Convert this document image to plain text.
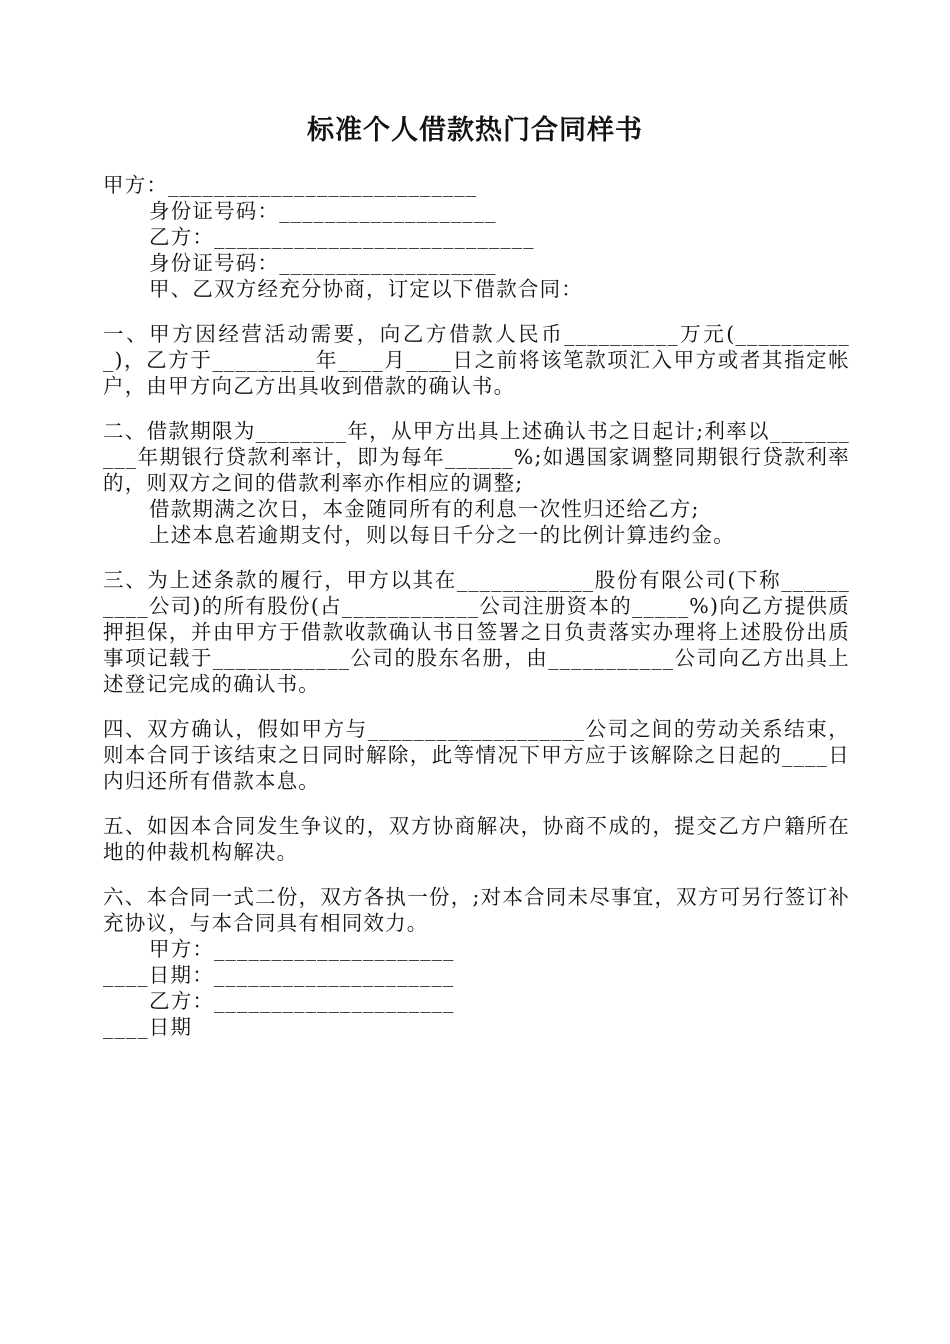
标准个人借款热门合同样书
甲方：___________________________
身份证号码：___________________
乙方：____________________________
身份证号码：___________________
甲、乙双方经充分协商，订定以下借款合同：
一、甲方因经营活动需要，向乙方借款人民币__________万元(___________)，乙方于_________年____月____日之前将该笔款项汇入甲方或者其指定帐户，由甲方向乙方出具收到借款的确认书。
二、借款期限为________年，从甲方出具上述确认书之日起计;利率以__________年期银行贷款利率计，即为每年______%;如遇国家调整同期银行贷款利率的，则双方之间的借款利率亦作相应的调整;
借款期满之次日，本金随同所有的利息一次性归还给乙方;
上述本息若逾期支付，则以每日千分之一的比例计算违约金。
三、为上述条款的履行，甲方以其在____________股份有限公司(下称__________公司)的所有股份(占____________公司注册资本的_____%)向乙方提供质押担保，并由甲方于借款收款确认书日签署之日负责落实办理将上述股份出质事项记载于____________公司的股东名册，由___________公司向乙方出具上述登记完成的确认书。
四、双方确认，假如甲方与___________________公司之间的劳动关系结束，则本合同于该结束之日同时解除，此等情况下甲方应于该解除之日起的____日内归还所有借款本息。
五、如因本合同发生争议的，双方协商解决，协商不成的，提交乙方户籍所在地的仲裁机构解决。
六、本合同一式二份，双方各执一份，;对本合同未尽事宜，双方可另行签订补充协议，与本合同具有相同效力。
甲方：_____________________
____日期：_____________________
乙方：_____________________
____日期
